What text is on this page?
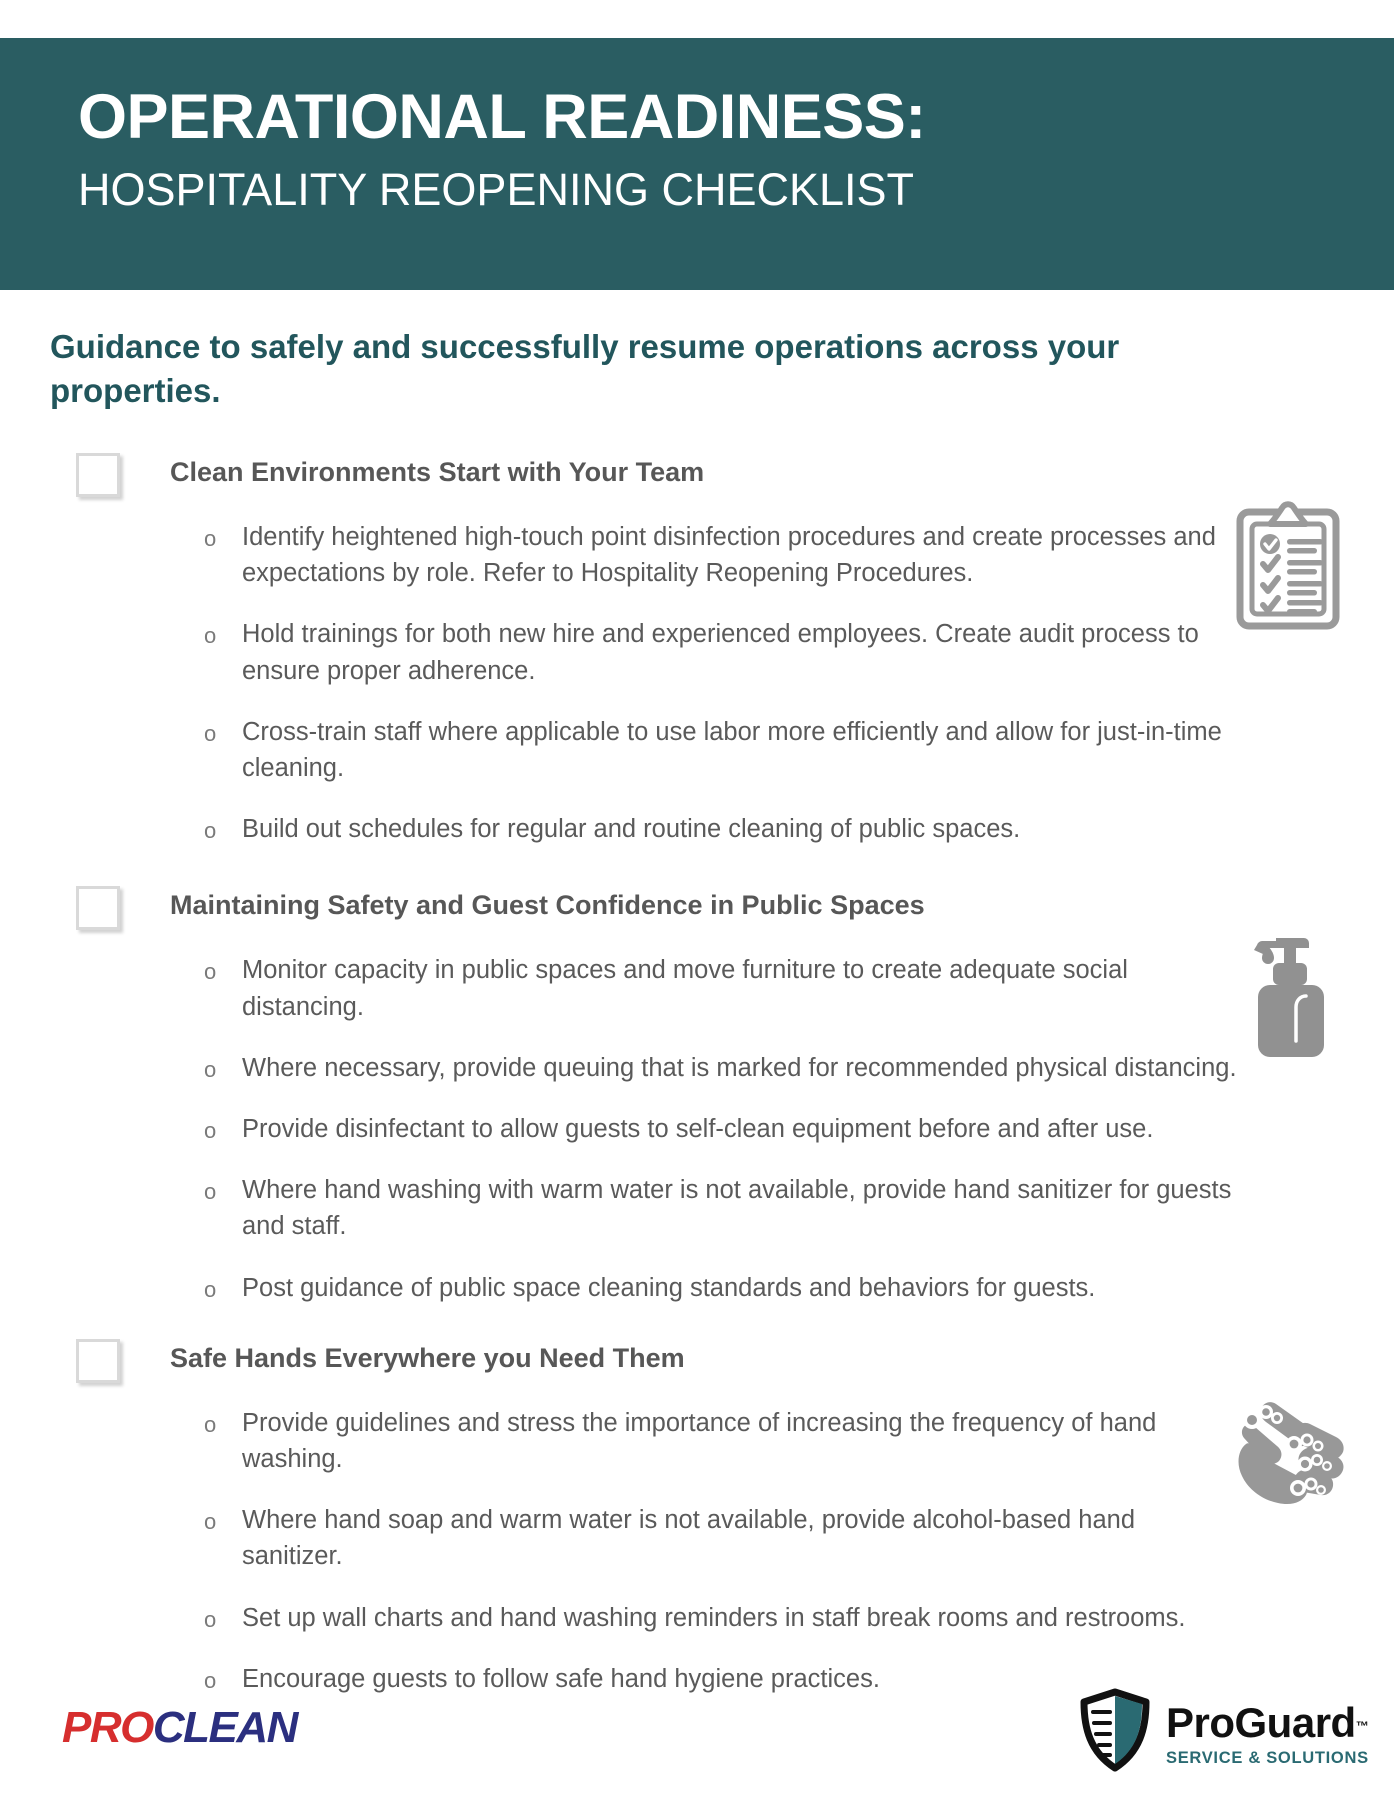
OPERATIONAL READINESS:
HOSPITALITY REOPENING CHECKLIST
Guidance to safely and successfully resume operations across your properties.
Clean Environments Start with Your Team
o	Identify heightened high-touch point disinfection procedures and create processes and expectations by role. Refer to Hospitality Reopening Procedures.
o	Hold trainings for both new hire and experienced employees. Create audit process to ensure proper adherence.
o	Cross-train staff where applicable to use labor more efficiently and allow for just-in-time cleaning.
o	Build out schedules for regular and routine cleaning of public spaces.
Maintaining Safety and Guest Confidence in Public Spaces
o	Monitor capacity in public spaces and move furniture to create adequate social distancing.
o	Where necessary, provide queuing that is marked for recommended physical distancing.
o	Provide disinfectant to allow guests to self-clean equipment before and after use.
o	Where hand washing with warm water is not available, provide hand sanitizer for guests and staff.
o	Post guidance of public space cleaning standards and behaviors for guests.
Safe Hands Everywhere you Need Them
o	Provide guidelines and stress the importance of increasing the frequency of hand washing.
o	Where hand soap and warm water is not available, provide alcohol-based hand sanitizer.
o	Set up wall charts and hand washing reminders in staff break rooms and restrooms.
o	Encourage guests to follow safe hand hygiene practices.
PROCLEAN	ProGuard™
SERVICE & SOLUTIONS
